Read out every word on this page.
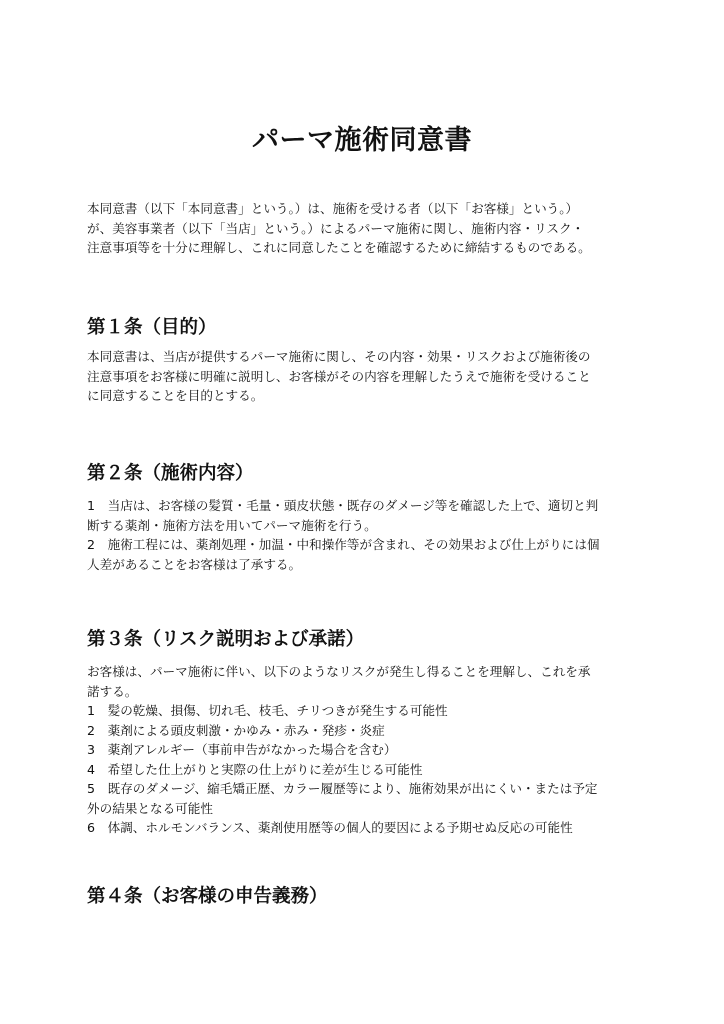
パーマ施術同意書
本同意書（以下「本同意書」という。）は、施術を受ける者（以下「お客様」という。）
が、美容事業者（以下「当店」という。）によるパーマ施術に関し、施術内容・リスク・
注意事項等を十分に理解し、これに同意したことを確認するために締結するものである。
第１条（目的）
本同意書は、当店が提供するパーマ施術に関し、その内容・効果・リスクおよび施術後の
注意事項をお客様に明確に説明し、お客様がその内容を理解したうえで施術を受けること
に同意することを目的とする。
第２条（施術内容）
1　当店は、お客様の髪質・毛量・頭皮状態・既存のダメージ等を確認した上で、適切と判
断する薬剤・施術方法を用いてパーマ施術を行う。
2　施術工程には、薬剤処理・加温・中和操作等が含まれ、その効果および仕上がりには個
人差があることをお客様は了承する。
第３条（リスク説明および承諾）
お客様は、パーマ施術に伴い、以下のようなリスクが発生し得ることを理解し、これを承
諾する。
1　髪の乾燥、損傷、切れ毛、枝毛、チリつきが発生する可能性
2　薬剤による頭皮刺激・かゆみ・赤み・発疹・炎症
3　薬剤アレルギー（事前申告がなかった場合を含む）
4　希望した仕上がりと実際の仕上がりに差が生じる可能性
5　既存のダメージ、縮毛矯正歴、カラー履歴等により、施術効果が出にくい・または予定
外の結果となる可能性
6　体調、ホルモンバランス、薬剤使用歴等の個人的要因による予期せぬ反応の可能性
第４条（お客様の申告義務）
